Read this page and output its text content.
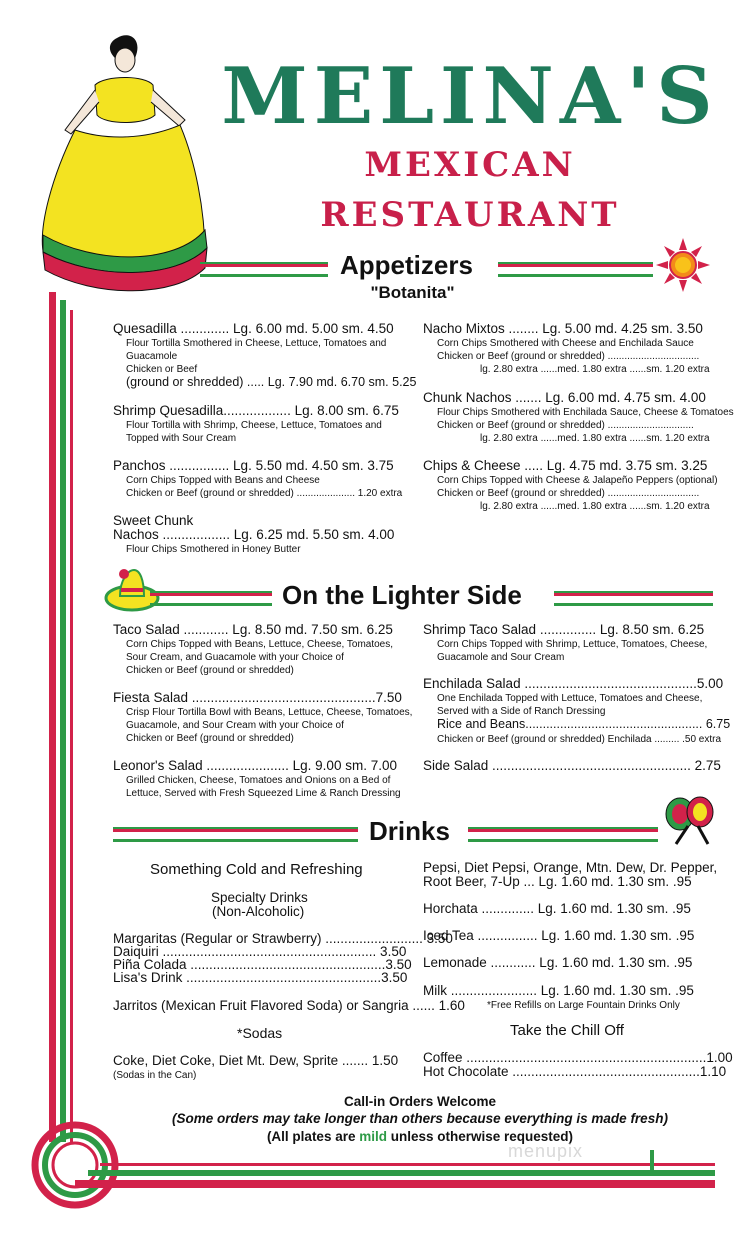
MELINA'S
MEXICAN RESTAURANT
Appetizers
"Botanita"
Quesadilla ............. Lg. 6.00 md. 5.00 sm. 4.50
Flour Tortilla Smothered in Cheese, Lettuce, Tomatoes and
Guacamole
Chicken or Beef
(ground or shredded) ..... Lg. 7.90 md. 6.70 sm. 5.25
Shrimp Quesadilla.................. Lg. 8.00 sm. 6.75
Flour Tortilla with Shrimp, Cheese, Lettuce, Tomatoes and
Topped with Sour Cream
Panchos ................ Lg. 5.50 md. 4.50 sm. 3.75
Corn Chips Topped with Beans and Cheese
Chicken or Beef (ground or shredded) ..................... 1.20 extra
Sweet Chunk
Nachos .................. Lg. 6.25 md. 5.50 sm. 4.00
Flour Chips Smothered in Honey Butter
Nacho Mixtos ........ Lg. 5.00 md. 4.25 sm. 3.50
Corn Chips Smothered with Cheese and Enchilada Sauce
Chicken or Beef (ground or shredded) .................................
lg. 2.80 extra ......med. 1.80 extra ......sm. 1.20 extra
Chunk Nachos ....... Lg. 6.00 md. 4.75 sm. 4.00
Flour Chips Smothered with Enchilada Sauce, Cheese & Tomatoes
Chicken or Beef (ground or shredded) ...............................
lg. 2.80 extra ......med. 1.80 extra ......sm. 1.20 extra
Chips & Cheese ..... Lg. 4.75 md. 3.75 sm. 3.25
Corn Chips Topped with Cheese & Jalapeño Peppers (optional)
Chicken or Beef (ground or shredded) .................................
lg. 2.80 extra ......med. 1.80 extra ......sm. 1.20 extra
On the Lighter Side
Taco Salad ............ Lg. 8.50 md. 7.50 sm. 6.25
Corn Chips Topped with Beans, Lettuce, Cheese, Tomatoes,
Sour Cream, and Guacamole with your Choice of
Chicken or Beef (ground or shredded)
Fiesta Salad .................................................7.50
Crisp Flour Tortilla Bowl with Beans, Lettuce, Cheese, Tomatoes,
Guacamole, and Sour Cream with your Choice of
Chicken or Beef (ground or shredded)
Leonor's Salad ...................... Lg. 9.00 sm. 7.00
Grilled Chicken, Cheese, Tomatoes and Onions on a Bed of
Lettuce, Served with Fresh Squeezed Lime & Ranch Dressing
Shrimp Taco Salad ............... Lg. 8.50 sm. 6.25
Corn Chips Topped with Shrimp, Lettuce, Tomatoes, Cheese,
Guacamole and Sour Cream
Enchilada Salad ..............................................5.00
One Enchilada Topped with Lettuce, Tomatoes and Cheese,
Served with a Side of Ranch Dressing
Rice and Beans................................................... 6.75
Chicken or Beef (ground or shredded) Enchilada ......... .50 extra
Side Salad ..................................................... 2.75
Drinks
Something Cold and Refreshing
Specialty Drinks
(Non-Alcoholic)
Margaritas (Regular or Strawberry) .......................... 3.50
Daiquiri ......................................................... 3.50
Piña Colada ....................................................3.50
Lisa's Drink ....................................................3.50
Jarritos (Mexican Fruit Flavored Soda) or Sangria ...... 1.60
*Sodas
Coke, Diet Coke, Diet Mt. Dew, Sprite ....... 1.50
(Sodas in the Can)
Pepsi, Diet Pepsi, Orange, Mtn. Dew, Dr. Pepper,
Root Beer, 7-Up ... Lg. 1.60 md. 1.30 sm. .95
Horchata .............. Lg. 1.60 md. 1.30 sm. .95
Iced Tea ................ Lg. 1.60 md. 1.30 sm. .95
Lemonade ............ Lg. 1.60 md. 1.30 sm. .95
Milk ....................... Lg. 1.60 md. 1.30 sm. .95
*Free Refills on Large Fountain Drinks Only
Take the Chill Off
Coffee ................................................................1.00
Hot Chocolate ..................................................1.10
Call-in Orders Welcome
(Some orders may take longer than others because everything is made fresh)
(All plates are mild unless otherwise requested)
menupix
